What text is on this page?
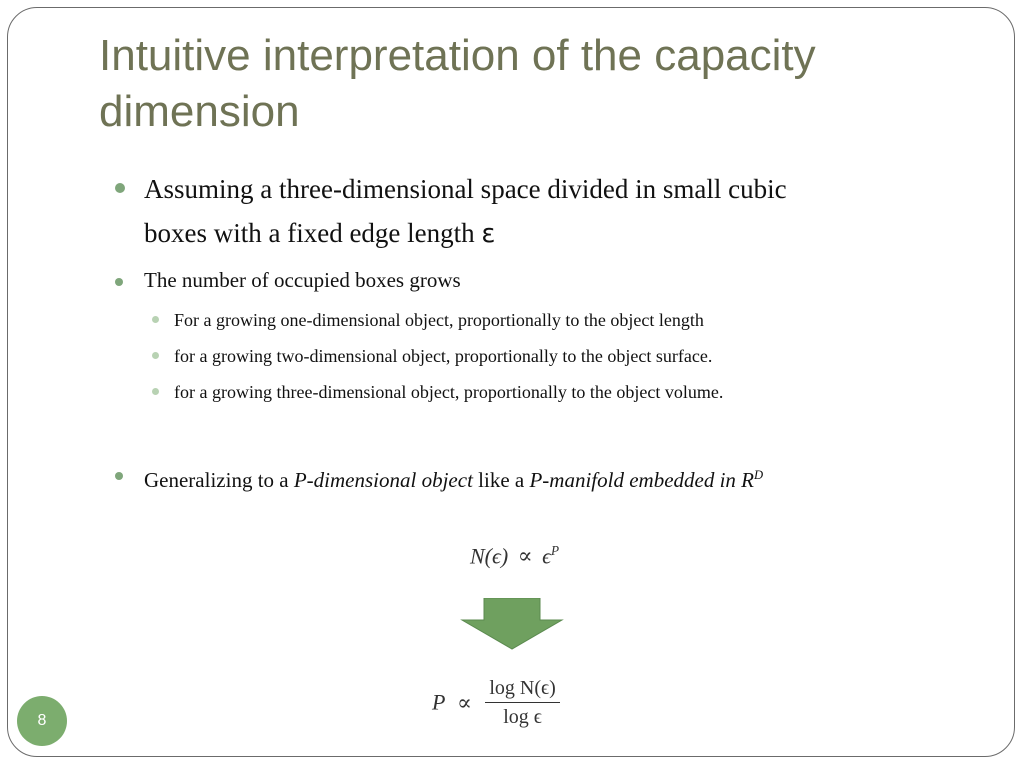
Intuitive interpretation of the capacity dimension
Assuming a three-dimensional space divided in small cubic
boxes with a fixed edge length ε
The number of occupied boxes grows
For a growing one-dimensional object, proportionally to the object length
for a growing two-dimensional object, proportionally to the object surface.
for a growing three-dimensional object, proportionally to the object volume.
Generalizing to a P-dimensional object like a P-manifold embedded in $R^D$
$N(\epsilon) \propto \epsilon^P$
$P \propto \frac{\text{log N(ϵ)}}{\text{log ϵ}}$
8
